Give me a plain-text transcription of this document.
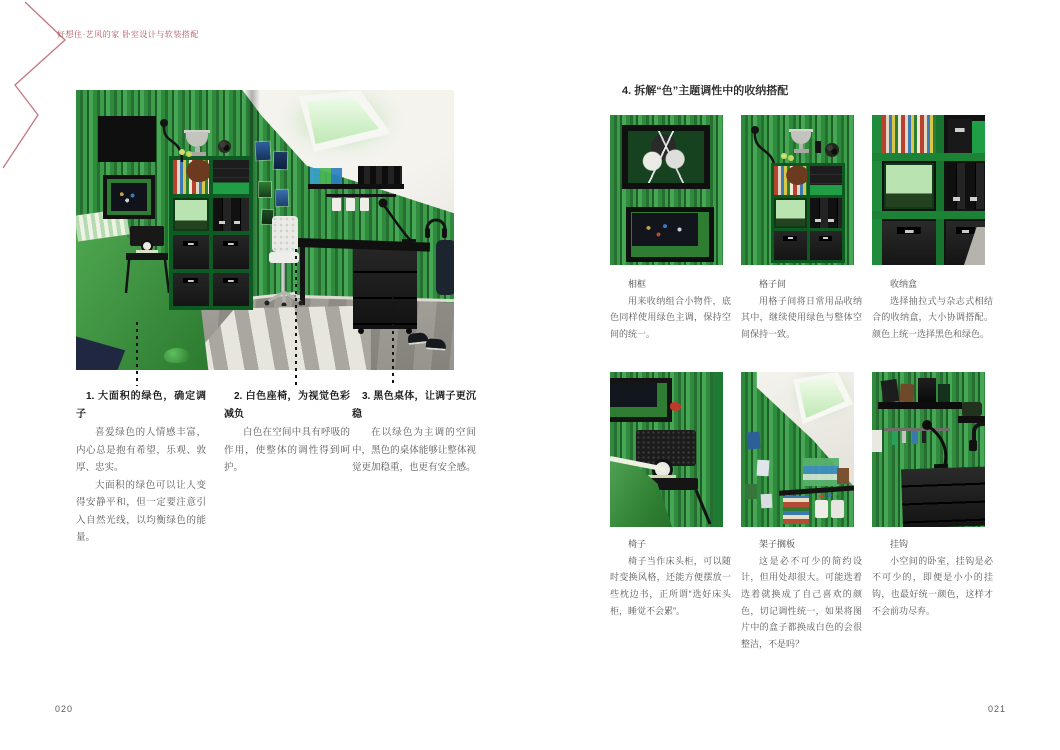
好想住·艺风的家 卧室设计与软装搭配
1. 大面积的绿色，确定调子

喜爱绿色的人情感丰富，内心总是抱有希望，乐观、敦厚、忠实。

大面积的绿色可以让人变得安静平和，但一定要注意引入自然光线，以均衡绿色的能量。

2. 白色座椅，为视觉色彩减负

白色在空间中具有呼吸的作用，使整体的调性得到呵护。

3. 黑色桌体，让调子更沉稳

在以绿色为主调的空间中，黑色的桌体能够让整体视觉更加稳重，也更有安全感。

020
4. 拆解“色”主题调性中的收纳搭配

相框

用来收纳组合小物件，底色同样使用绿色主调，保持空间的统一。

格子间

用格子间将日常用品收纳其中，继续使用绿色与整体空间保持一致。

收纳盒

选择抽拉式与杂志式相结合的收纳盒，大小协调搭配。颜色上统一选择黑色和绿色。

椅子

椅子当作床头柜，可以随时变换风格，还能方便摆放一些枕边书，正所谓“选好床头柜，睡觉不会累”。

架子搁板

这是必不可少的简约设计，但用处却很大。可能选着选着就换成了自己喜欢的颜色，切记调性统一，如果将图片中的盒子都换成白色的会很整洁，不是吗？

挂钩

小空间的卧室，挂钩是必不可少的，即便是小小的挂钩，也最好统一颜色，这样才不会前功尽弃。

021
